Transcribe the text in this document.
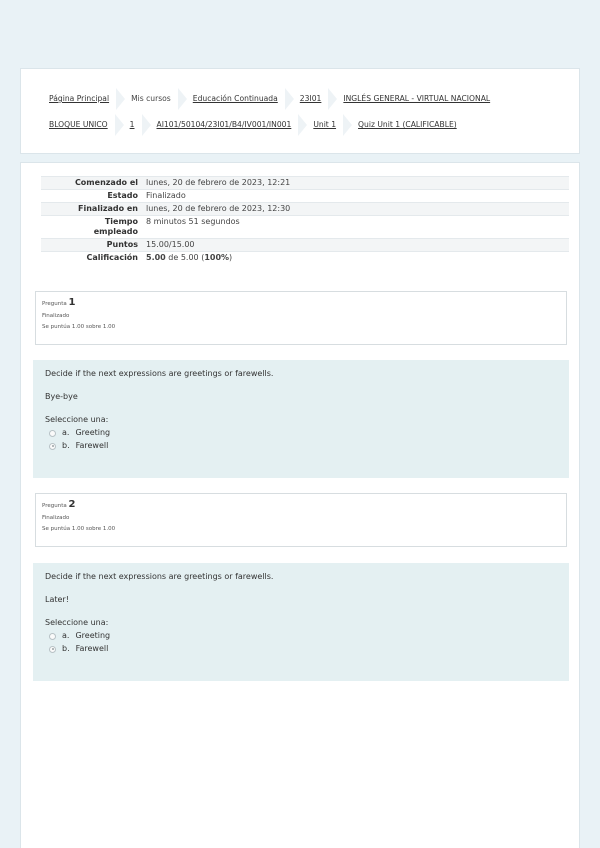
Página Principal	Mis cursos	Educación Continuada	23I01	INGLÉS GENERAL - VIRTUAL NACIONAL
BLOQUE UNICO	1	AI101/50104/23I01/B4/IV001/IN001	Unit 1	Quiz Unit 1 (CALIFICABLE)
Comenzado el	lunes, 20 de febrero de 2023, 12:21
Estado	Finalizado
Finalizado en	lunes, 20 de febrero de 2023, 12:30
Tiempo empleado	8 minutos 51 segundos
Puntos	15.00/15.00
Calificación	5.00 de 5.00 (100%)
Pregunta 1
Finalizado
Se puntúa 1.00 sobre 1.00
Decide if the next expressions are greetings or farewells.
Bye-bye
Seleccione una:
a. Greeting
b. Farewell
Pregunta 2
Finalizado
Se puntúa 1.00 sobre 1.00
Decide if the next expressions are greetings or farewells.
Later!
Seleccione una:
a. Greeting
b. Farewell
